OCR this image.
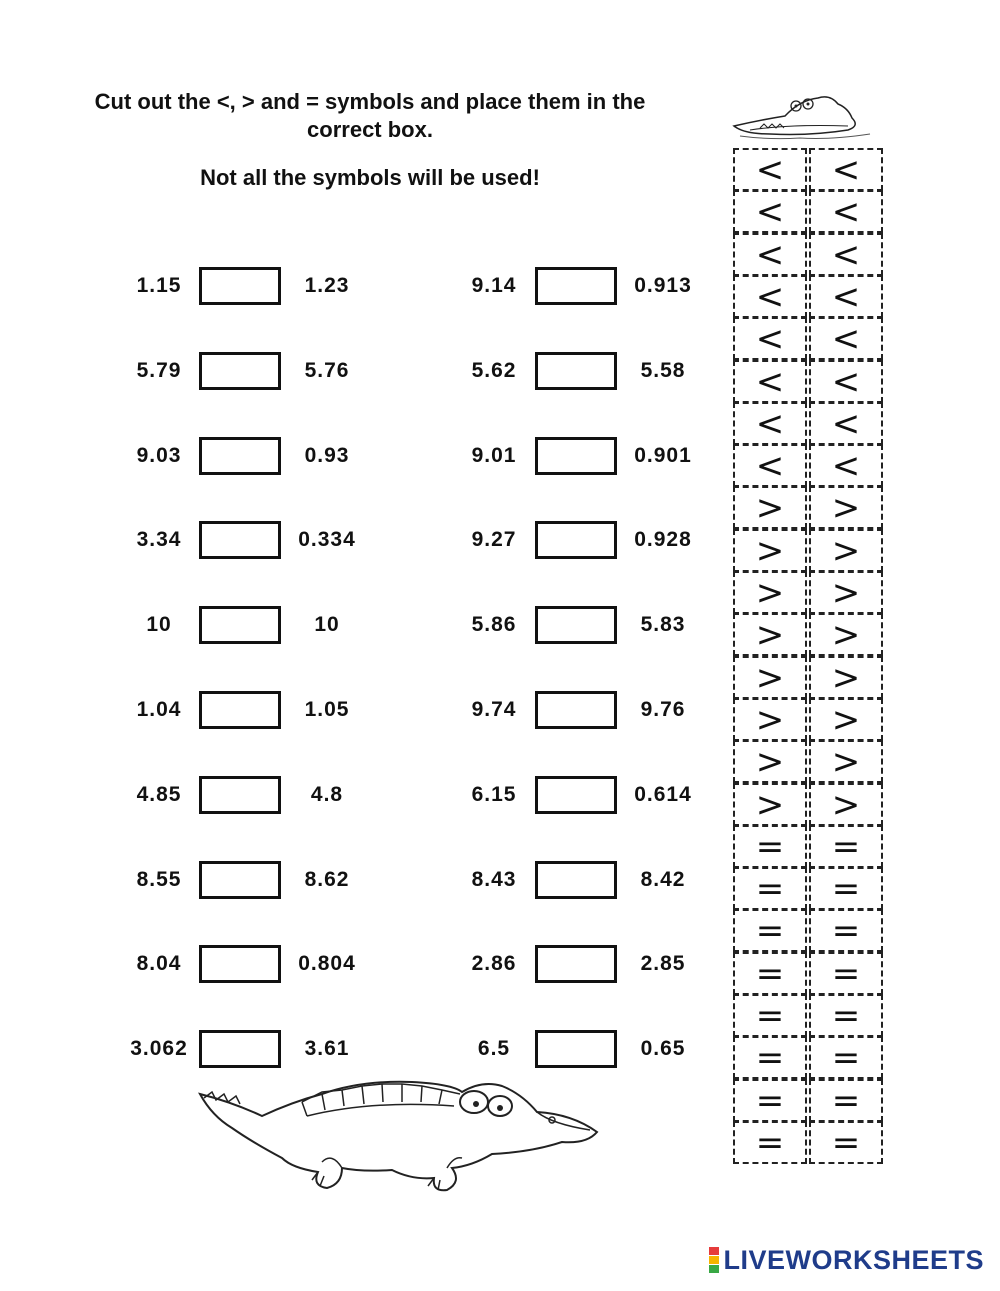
Cut out the <, > and = symbols and place them in the
correct box.

Not all the symbols will be used!

1.15	1.23
5.79	5.76
9.03	0.93
3.34	0.334
10	10
1.04	1.05
4.85	4.8
8.55	8.62
8.04	0.804
3.062	3.61
9.14	0.913
5.62	5.58
9.01	0.901
9.27	0.928
5.86	5.83
9.74	9.76
6.15	0.614
8.43	8.42
2.86	2.85
6.5	0.65
<	<
<	<
<	<
<	<
<	<
<	<
<	<
<	<
>	>
>	>
>	>
>	>
>	>
>	>
>	>
>	>
=	=
=	=
=	=
=	=
=	=
=	=
=	=
=	=
LIVEWORKSHEETS
